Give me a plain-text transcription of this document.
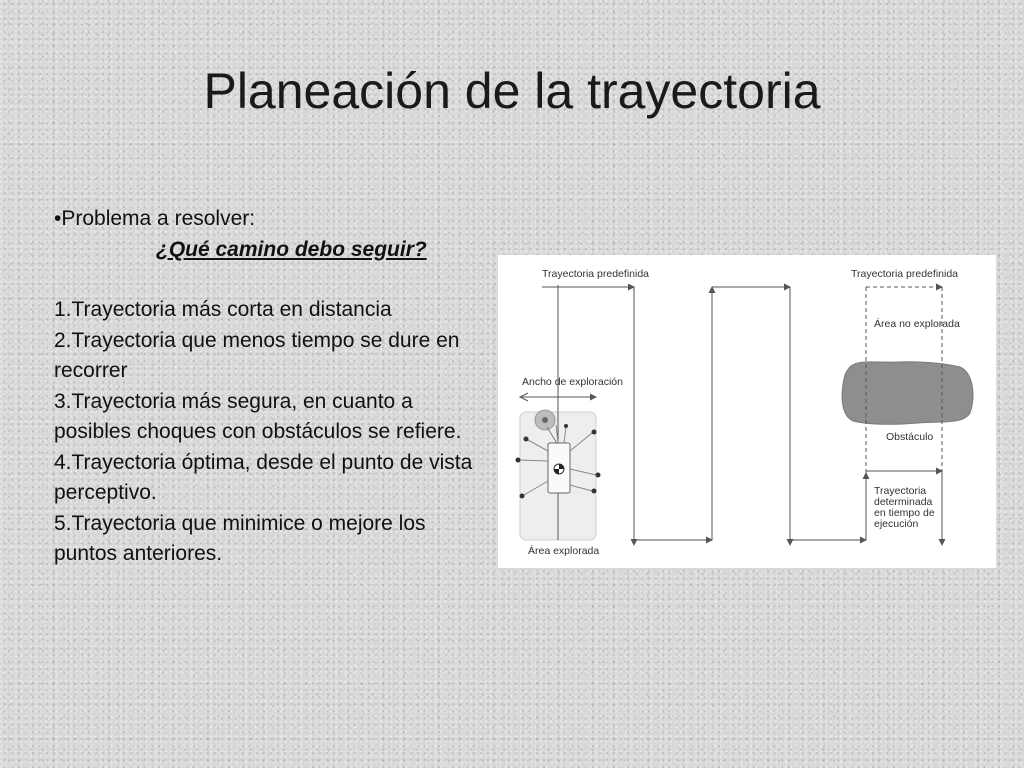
Planeación de la trayectoria

•Problema a resolver:

¿Qué camino debo seguir?

1.Trayectoria más corta en distancia

2.Trayectoria que menos tiempo se dure en recorrer

3.Trayectoria más segura, en cuanto a posibles choques con obstáculos se refiere.

4.Trayectoria óptima, desde el punto de vista perceptivo.

5.Trayectoria que minimice o mejore los puntos anteriores.

Trayectoria predefinida	Trayectoria predefinida
Área no explorada
Ancho de exploración
Obstáculo
Trayectoria
determinada
en tiempo de
ejecución
Área explorada
